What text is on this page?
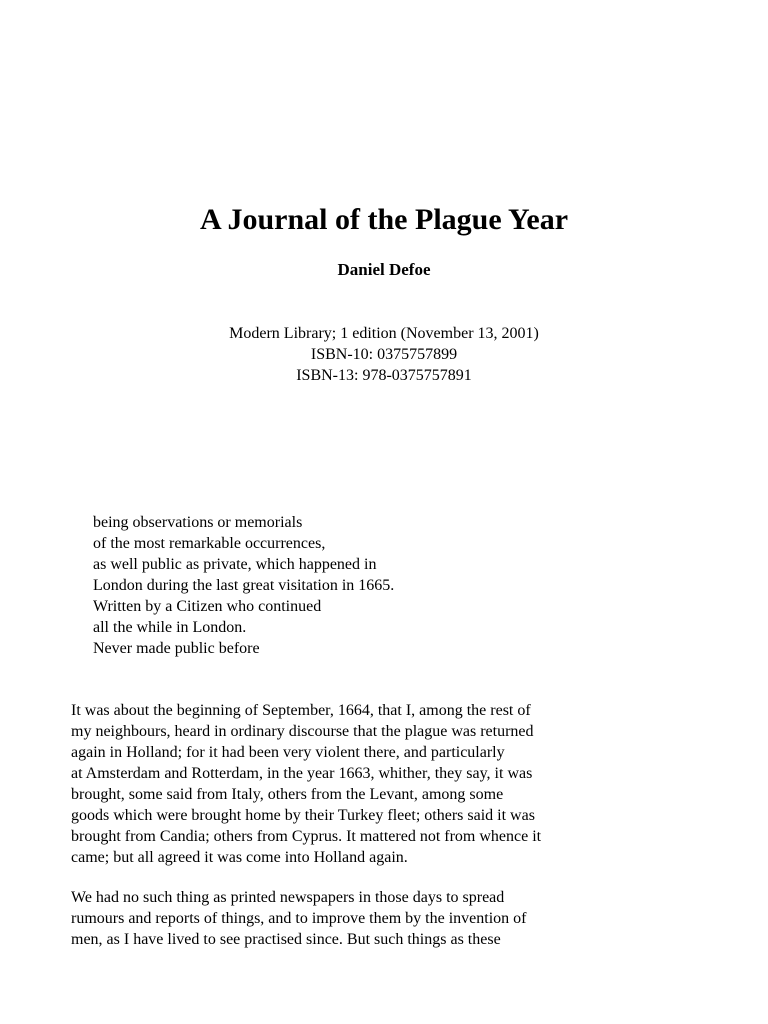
A Journal of the Plague Year
Daniel Defoe
Modern Library; 1 edition (November 13, 2001)
ISBN-10: 0375757899
ISBN-13: 978-0375757891
being observations or memorials
of the most remarkable occurrences,
as well public as private, which happened in
London during the last great visitation in 1665.
Written by a Citizen who continued
all the while in London.
Never made public before
It was about the beginning of September, 1664, that I, among the rest of
my neighbours, heard in ordinary discourse that the plague was returned
again in Holland; for it had been very violent there, and particularly
at Amsterdam and Rotterdam, in the year 1663, whither, they say, it was
brought, some said from Italy, others from the Levant, among some
goods which were brought home by their Turkey fleet; others said it was
brought from Candia; others from Cyprus. It mattered not from whence it
came; but all agreed it was come into Holland again.
We had no such thing as printed newspapers in those days to spread
rumours and reports of things, and to improve them by the invention of
men, as I have lived to see practised since. But such things as these
